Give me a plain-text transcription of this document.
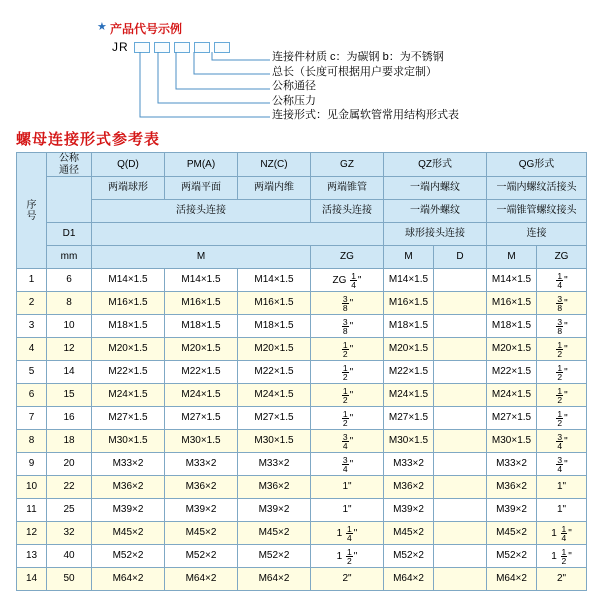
★ 产品代号示例
JR
连接件材质 c：为碳钢 b：为不锈钢
总长（长度可根据用户要求定制）
公称通径
公称压力
连接形式：见金属软管常用结构形式表
螺母连接形式参考表
序
号	公称
通径	Q(D)	PM(A)	NZ(C)	GZ	QZ形式		QG形式	
		两端球形	两端平面	两端内维	两端锥管	一端内螺纹		一端内螺纹活接头	
		活接头连接			活接头连接	一端外螺纹		一端锥管螺纹接头	
	D1					球形接头连接		连接	
	mm	M			ZG	M	D	M	ZG
1	6	M14×1.5	M14×1.5	M14×1.5	ZG $\frac{1}{4}$ "	M14×1.5		M14×1.5	$\frac{1}{4}$ "
2	8	M16×1.5	M16×1.5	M16×1.5	$\frac{3}{8}$ "	M16×1.5		M16×1.5	$\frac{3}{8}$ "
3	10	M18×1.5	M18×1.5	M18×1.5	$\frac{3}{8}$ "	M18×1.5		M18×1.5	$\frac{3}{8}$ "
4	12	M20×1.5	M20×1.5	M20×1.5	$\frac{1}{2}$ "	M20×1.5		M20×1.5	$\frac{1}{2}$ "
5	14	M22×1.5	M22×1.5	M22×1.5	$\frac{1}{2}$ "	M22×1.5		M22×1.5	$\frac{1}{2}$ "
6	15	M24×1.5	M24×1.5	M24×1.5	$\frac{1}{2}$ "	M24×1.5		M24×1.5	$\frac{1}{2}$ "
7	16	M27×1.5	M27×1.5	M27×1.5	$\frac{1}{2}$ "	M27×1.5		M27×1.5	$\frac{1}{2}$ "
8	18	M30×1.5	M30×1.5	M30×1.5	$\frac{3}{4}$ "	M30×1.5		M30×1.5	$\frac{3}{4}$ "
9	20	M33×2	M33×2	M33×2	$\frac{3}{4}$ "	M33×2		M33×2	$\frac{3}{4}$ "
10	22	M36×2	M36×2	M36×2	1"	M36×2		M36×2	1"
11	25	M39×2	M39×2	M39×2	1"	M39×2		M39×2	1"
12	32	M45×2	M45×2	M45×2	$1 \frac{1}{4}$ "	M45×2		M45×2	$1 \frac{1}{4}$ "
13	40	M52×2	M52×2	M52×2	$1 \frac{1}{2}$ "	M52×2		M52×2	$1 \frac{1}{2}$ "
14	50	M64×2	M64×2	M64×2	2"	M64×2		M64×2	2"
